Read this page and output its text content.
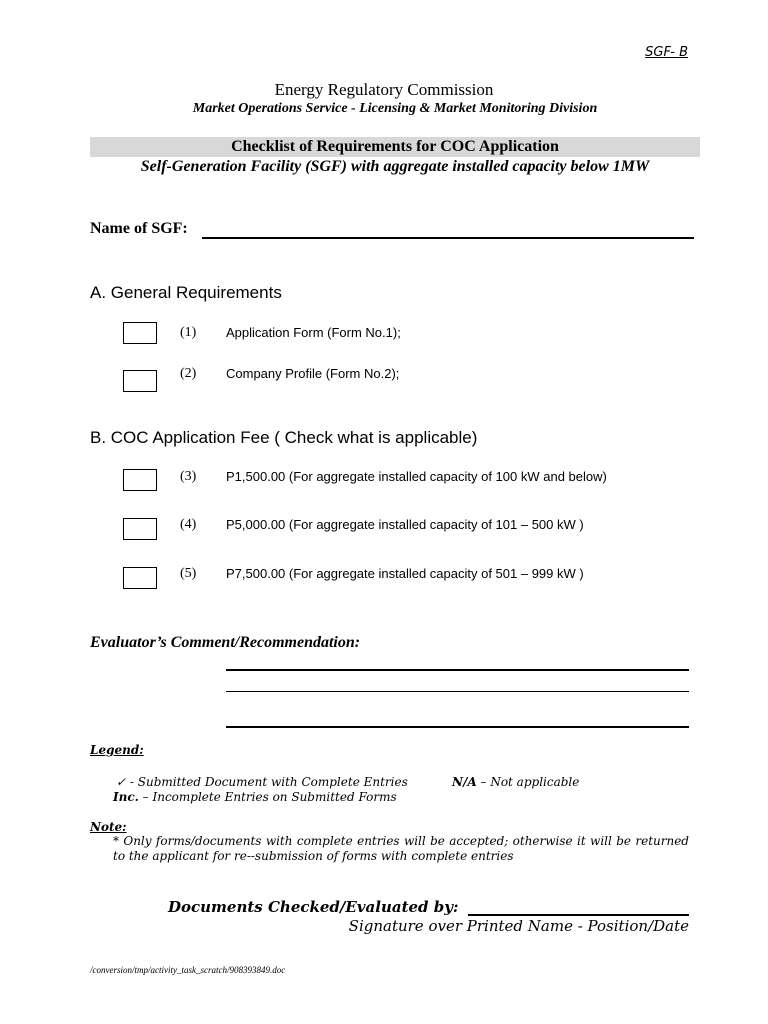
SGF- B
Energy Regulatory Commission
Market Operations Service - Licensing & Market Monitoring Division
Checklist of Requirements for COC Application
Self-Generation Facility (SGF) with aggregate installed capacity below 1MW
Name of SGF:
A. General Requirements
(1) Application Form (Form No.1);
(2) Company Profile (Form No.2);
B. COC Application Fee ( Check what is applicable)
(3) P1,500.00 (For aggregate installed capacity of 100 kW and below)
(4) P5,000.00 (For aggregate installed capacity of 101 – 500 kW )
(5) P7,500.00 (For aggregate installed capacity of 501 – 999 kW )
Evaluator’s Comment/Recommendation:
Legend:
✓ - Submitted Document with Complete Entries	N/A – Not applicable
Inc. – Incomplete Entries on Submitted Forms
Note:
* Only forms/documents with complete entries will be accepted; otherwise it will be returned to the applicant for re--submission of forms with complete entries
Documents Checked/Evaluated by:
Signature over Printed Name - Position/Date
/conversion/tmp/activity_task_scratch/908393849.doc
